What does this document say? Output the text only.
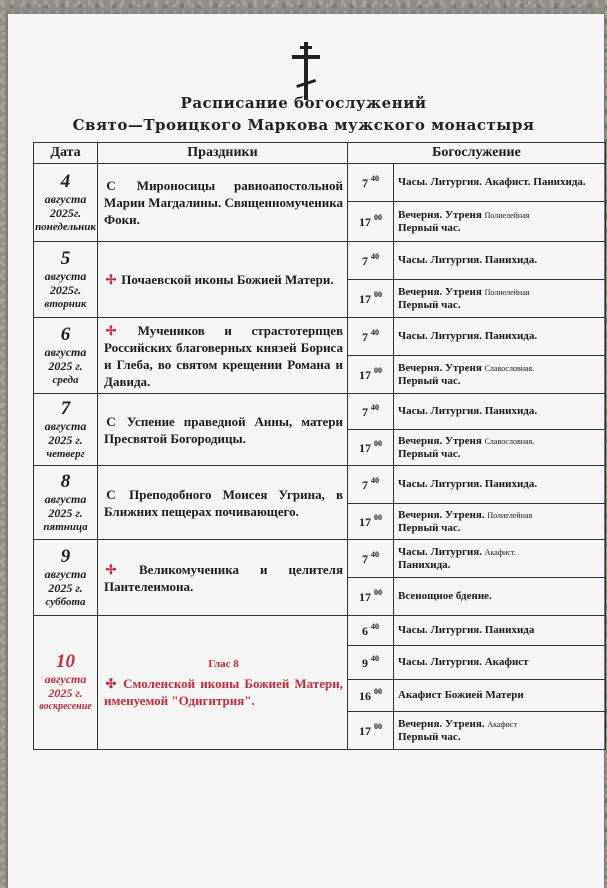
Расписание богослужений
Свято—Троицкого Маркова мужского монастыря
Дата	Праздники	Богослужение	

4
августа 2025г.
понедельник	С Мироносицы равноапостольной Марии Магдалины. Священномученика Фоки.	7 $^{40}$	Часы. Литургия. Акафист. Панихида.
		17 $^{00}$	Вечерня. Утреня Полиелейная
Первый час.

5
августа 2025г.
вторник	✢ Почаевской иконы Божией Матери.	7 $^{40}$	Часы. Литургия. Панихида.
		17 $^{00}$	Вечерня. Утреня Полиелейная
Первый час.

6
августа 2025 г.
среда	✢ Мучеников и страстотерпцев Российских благоверных князей Бориса и Глеба, во святом крещении Романа и Давида.	7 $^{40}$	Часы. Литургия. Панихида.
		17 $^{00}$	Вечерня. Утреня Славословная.
Первый час.

7
августа 2025 г.
четверг	С Успение праведной Анны, матери Пресвятой Богородицы.	7 $^{40}$	Часы. Литургия. Панихида.
		17 $^{00}$	Вечерня. Утреня Славословная.
Первый час.

8
августа 2025 г.
пятница	С Преподобного Моисея Угрина, в Ближних пещерах почивающего.	7 $^{40}$	Часы. Литургия. Панихида.
		17 $^{00}$	Вечерня. Утреня. Полиелейная
Первый час.

9
августа 2025 г.
суббота	✢ Великомученика и целителя Пантелеимона.	7 $^{40}$	Часы. Литургия. Акафист.
Панихида.
		17 $^{00}$	Всенощное бдение.

10
августа 2025 г.
воскресение	Глас 8
✣ Смоленской иконы Божией Матери, именуемой "Одигитрия".	6 $^{40}$	Часы. Литургия. Панихида
		9 $^{40}$	Часы. Литургия. Акафист
		16 $^{00}$	Акафист Божией Матери
		17 $^{00}$	Вечерня. Утреня. Акафист
Первый час.
